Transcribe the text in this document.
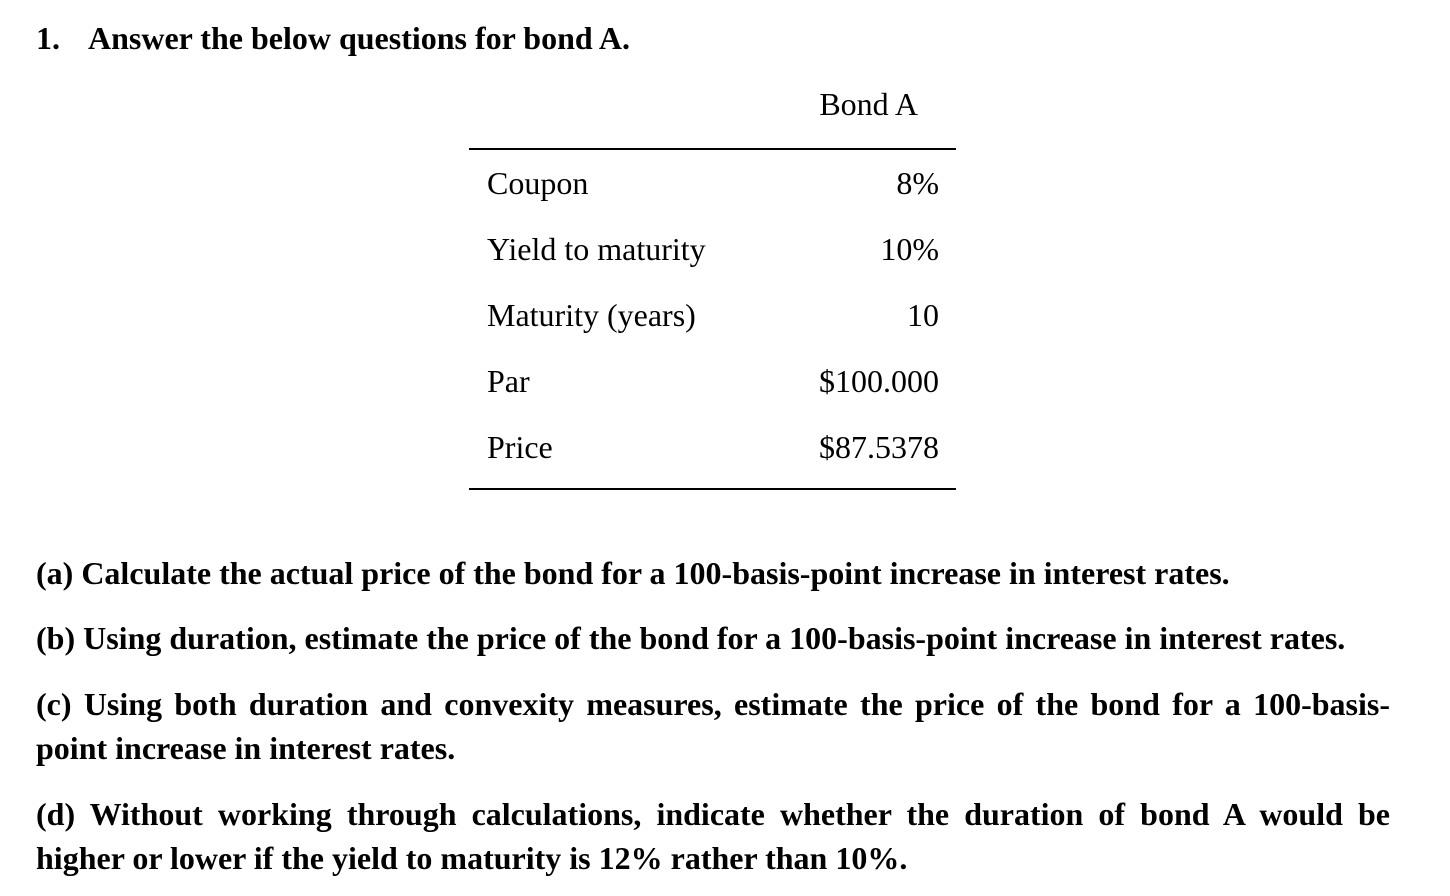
1. Answer the below questions for bond A.
Bond A
Coupon	8%
Yield to maturity	10%
Maturity (years)	10
Par	$100.000
Price	$87.5378
(a) Calculate the actual price of the bond for a 100-basis-point increase in interest rates.
(b) Using duration, estimate the price of the bond for a 100-basis-point increase in interest rates.
(c) Using both duration and convexity measures, estimate the price of the bond for a 100-basis-point increase in interest rates.
(d) Without working through calculations, indicate whether the duration of bond A would be higher or lower if the yield to maturity is 12% rather than 10%.
